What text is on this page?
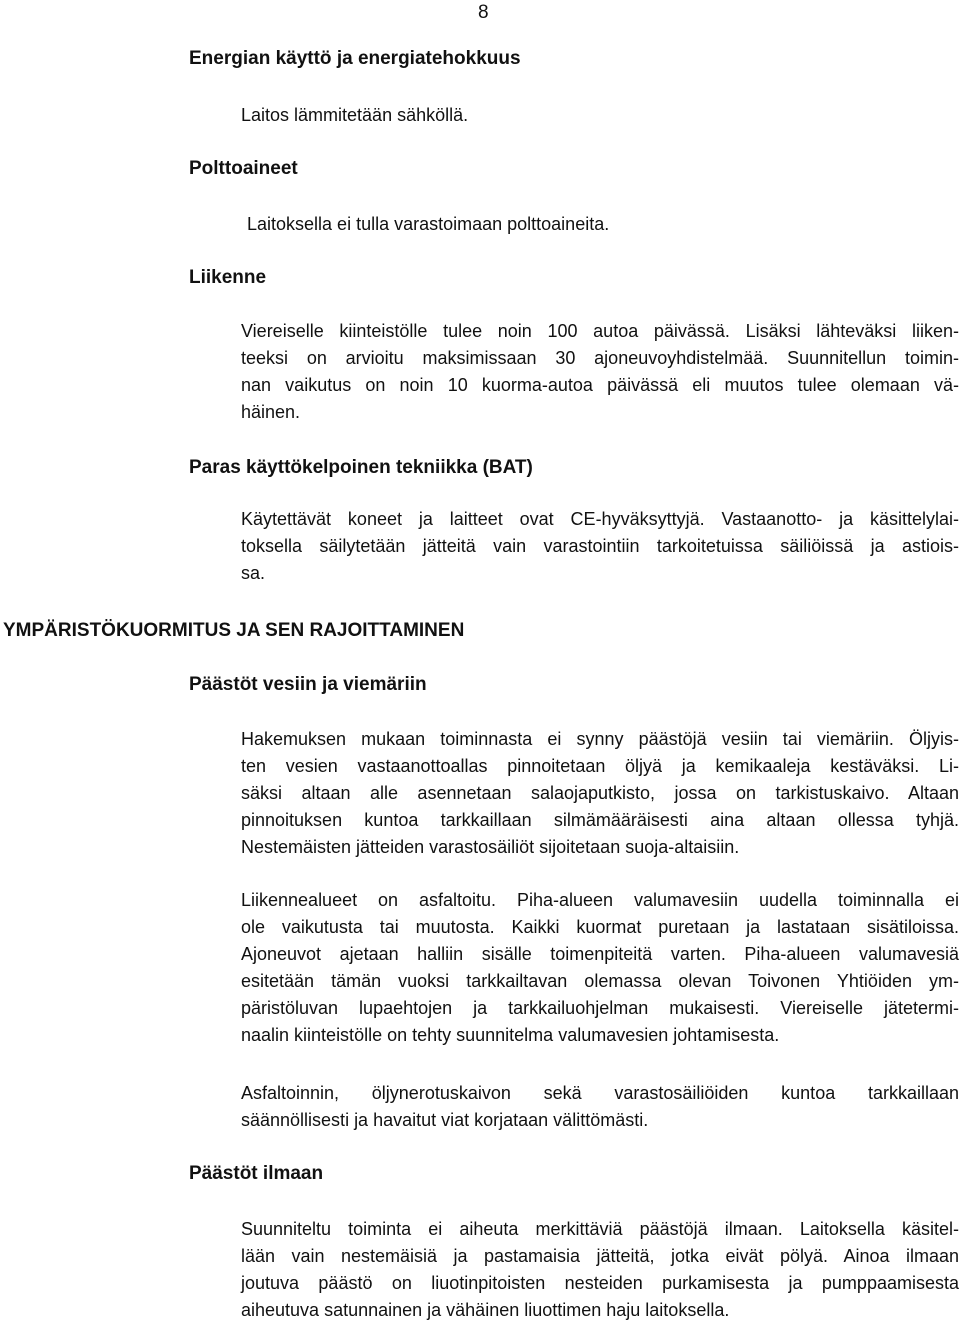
8
Energian käyttö ja energiatehokkuus
Laitos lämmitetään sähköllä.
Polttoaineet
Laitoksella ei tulla varastoimaan polttoaineita.
Liikenne
Viereiselle kiinteistölle tulee noin 100 autoa päivässä. Lisäksi lähteväksi liiken-
teeksi on arvioitu maksimissaan 30 ajoneuvoyhdistelmää. Suunnitellun toimin-
nan vaikutus on noin 10 kuorma-autoa päivässä eli muutos tulee olemaan vä-
häinen.
Paras käyttökelpoinen tekniikka (BAT)
Käytettävät koneet ja laitteet ovat CE-hyväksyttyjä. Vastaanotto- ja käsittelylai-
toksella säilytetään jätteitä vain varastointiin tarkoitetuissa säiliöissä ja astiois-
sa.
YMPÄRISTÖKUORMITUS JA SEN RAJOITTAMINEN
Päästöt vesiin ja viemäriin
Hakemuksen mukaan toiminnasta ei synny päästöjä vesiin tai viemäriin. Öljyis-
ten vesien vastaanottoallas pinnoitetaan öljyä ja kemikaaleja kestäväksi. Li-
säksi altaan alle asennetaan salaojaputkisto, jossa on tarkistuskaivo. Altaan
pinnoituksen kuntoa tarkkaillaan silmämääräisesti aina altaan ollessa tyhjä.
Nestemäisten jätteiden varastosäiliöt sijoitetaan suoja-altaisiin.
Liikennealueet on asfaltoitu. Piha-alueen valumavesiin uudella toiminnalla ei
ole vaikutusta tai muutosta. Kaikki kuormat puretaan ja lastataan sisätiloissa.
Ajoneuvot ajetaan halliin sisälle toimenpiteitä varten. Piha-alueen valumavesiä
esitetään tämän vuoksi tarkkailtavan olemassa olevan Toivonen Yhtiöiden ym-
päristöluvan lupaehtojen ja tarkkailuohjelman mukaisesti. Viereiselle jätetermi-
naalin kiinteistölle on tehty suunnitelma valumavesien johtamisesta.
Asfaltoinnin, öljynerotuskaivon sekä varastosäiliöiden kuntoa tarkkaillaan
säännöllisesti ja havaitut viat korjataan välittömästi.
Päästöt ilmaan
Suunniteltu toiminta ei aiheuta merkittäviä päästöjä ilmaan. Laitoksella käsitel-
lään vain nestemäisiä ja pastamaisia jätteitä, jotka eivät pölyä. Ainoa ilmaan
joutuva päästö on liuotinpitoisten nesteiden purkamisesta ja pumppaamisesta
aiheutuva satunnainen ja vähäinen liuottimen haju laitoksella.
